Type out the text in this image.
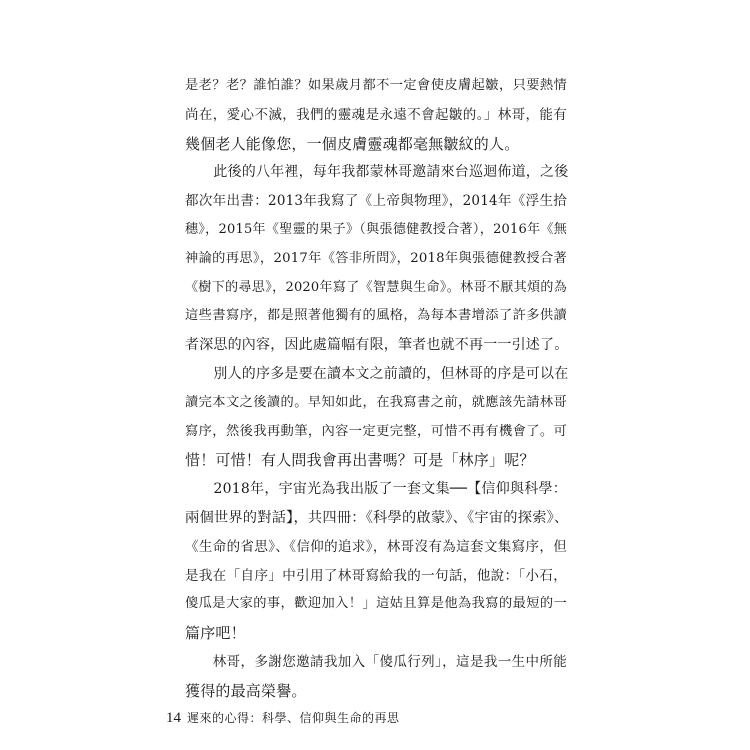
是老？老？誰怕誰？如果歲月都不一定會使皮膚起皺，只要熱情
尚在，愛心不滅，我們的靈魂是永遠不會起皺的。」林哥，能有
幾個老人能像您，一個皮膚靈魂都毫無皺紋的人。
　　此後的八年裡，每年我都蒙林哥邀請來台巡迴佈道，之後
都次年出書：2013年我寫了《上帝與物理》，2014年《浮生拾
穗》，2015年《聖靈的果子》（與張德健教授合著），2016年《無
神論的再思》，2017年《答非所問》，2018年與張德健教授合著
《樹下的尋思》，2020年寫了《智慧與生命》。林哥不厭其煩的為
這些書寫序，都是照著他獨有的風格，為每本書增添了許多供讀
者深思的內容，因此處篇幅有限，筆者也就不再一一引述了。
　　別人的序多是要在讀本文之前讀的，但林哥的序是可以在
讀完本文之後讀的。早知如此，在我寫書之前，就應該先請林哥
寫序，然後我再動筆，內容一定更完整，可惜不再有機會了。可
惜！可惜！有人問我會再出書嗎？可是「林序」呢？
　　2018年，宇宙光為我出版了一套文集──【信仰與科學：
兩個世界的對話】，共四冊：《科學的啟蒙》、《宇宙的探索》、
《生命的省思》、《信仰的追求》，林哥沒有為這套文集寫序，但
是我在「自序」中引用了林哥寫給我的一句話，他說：「小石，
傻瓜是大家的事，歡迎加入！」這姑且算是他為我寫的最短的一
篇序吧！
　　林哥，多謝您邀請我加入「傻瓜行列」，這是我一生中所能
獲得的最高榮譽。
14 遲來的心得：科學、信仰與生命的再思
